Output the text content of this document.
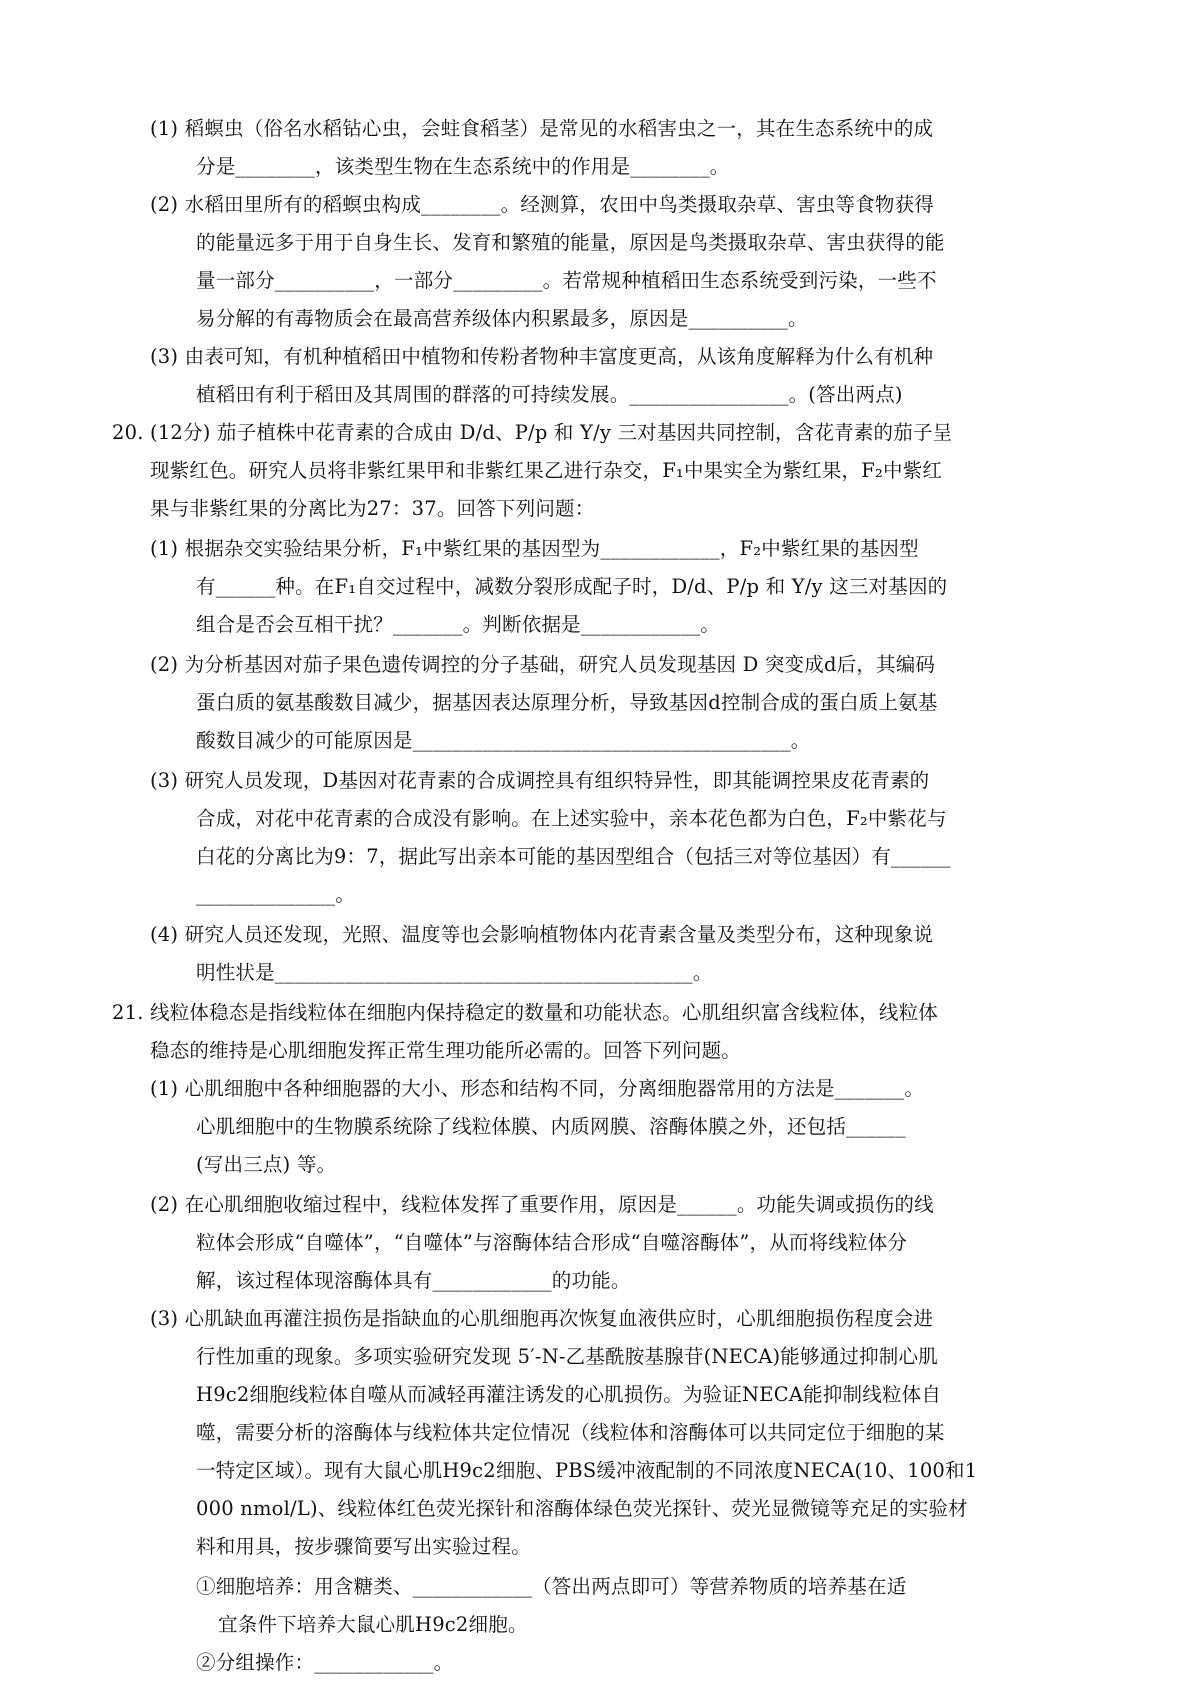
(1) 稻螟虫（俗名水稻钻心虫，会蛀食稻茎）是常见的水稻害虫之一，其在生态系统中的成
分是________，该类型生物在生态系统中的作用是________。
(2) 水稻田里所有的稻螟虫构成________。经测算，农田中鸟类摄取杂草、害虫等食物获得
的能量远多于用于自身生长、发育和繁殖的能量，原因是鸟类摄取杂草、害虫获得的能
量一部分__________，一部分_________。若常规种植稻田生态系统受到污染，一些不
易分解的有毒物质会在最高营养级体内积累最多，原因是__________。
(3) 由表可知，有机种植稻田中植物和传粉者物种丰富度更高，从该角度解释为什么有机种
植稻田有利于稻田及其周围的群落的可持续发展。________________。(答出两点)
20. (12分) 茄子植株中花青素的合成由 D/d、P/p 和 Y/y 三对基因共同控制，含花青素的茄子呈
现紫红色。研究人员将非紫红果甲和非紫红果乙进行杂交，F₁中果实全为紫红果，F₂中紫红
果与非紫红果的分离比为27：37。回答下列问题：
(1) 根据杂交实验结果分析，F₁中紫红果的基因型为____________，F₂中紫红果的基因型
有______种。在F₁自交过程中，减数分裂形成配子时，D/d、P/p 和 Y/y 这三对基因的
组合是否会互相干扰？_______。判断依据是____________。
(2) 为分析基因对茄子果色遗传调控的分子基础，研究人员发现基因 D 突变成d后，其编码
蛋白质的氨基酸数目减少，据基因表达原理分析，导致基因d控制合成的蛋白质上氨基
酸数目减少的可能原因是______________________________________。
(3) 研究人员发现，D基因对花青素的合成调控具有组织特异性，即其能调控果皮花青素的
合成，对花中花青素的合成没有影响。在上述实验中，亲本花色都为白色，F₂中紫花与
白花的分离比为9：7，据此写出亲本可能的基因型组合（包括三对等位基因）有______
______________。
(4) 研究人员还发现，光照、温度等也会影响植物体内花青素含量及类型分布，这种现象说
明性状是__________________________________________。
21. 线粒体稳态是指线粒体在细胞内保持稳定的数量和功能状态。心肌组织富含线粒体，线粒体
稳态的维持是心肌细胞发挥正常生理功能所必需的。回答下列问题。
(1) 心肌细胞中各种细胞器的大小、形态和结构不同，分离细胞器常用的方法是_______。
心肌细胞中的生物膜系统除了线粒体膜、内质网膜、溶酶体膜之外，还包括______
(写出三点) 等。
(2) 在心肌细胞收缩过程中，线粒体发挥了重要作用，原因是______。功能失调或损伤的线
粒体会形成“自噬体”，“自噬体”与溶酶体结合形成“自噬溶酶体”，从而将线粒体分
解，该过程体现溶酶体具有____________的功能。
(3) 心肌缺血再灌注损伤是指缺血的心肌细胞再次恢复血液供应时，心肌细胞损伤程度会进
行性加重的现象。多项实验研究发现 5′-N-乙基酰胺基腺苷(NECA)能够通过抑制心肌
H9c2细胞线粒体自噬从而减轻再灌注诱发的心肌损伤。为验证NECA能抑制线粒体自
噬，需要分析的溶酶体与线粒体共定位情况（线粒体和溶酶体可以共同定位于细胞的某
一特定区域）。现有大鼠心肌H9c2细胞、PBS缓冲液配制的不同浓度NECA(10、100和1
000 nmol/L)、线粒体红色荧光探针和溶酶体绿色荧光探针、荧光显微镜等充足的实验材
料和用具，按步骤简要写出实验过程。
①细胞培养：用含糖类、____________（答出两点即可）等营养物质的培养基在适
宜条件下培养大鼠心肌H9c2细胞。
②分组操作：____________。
